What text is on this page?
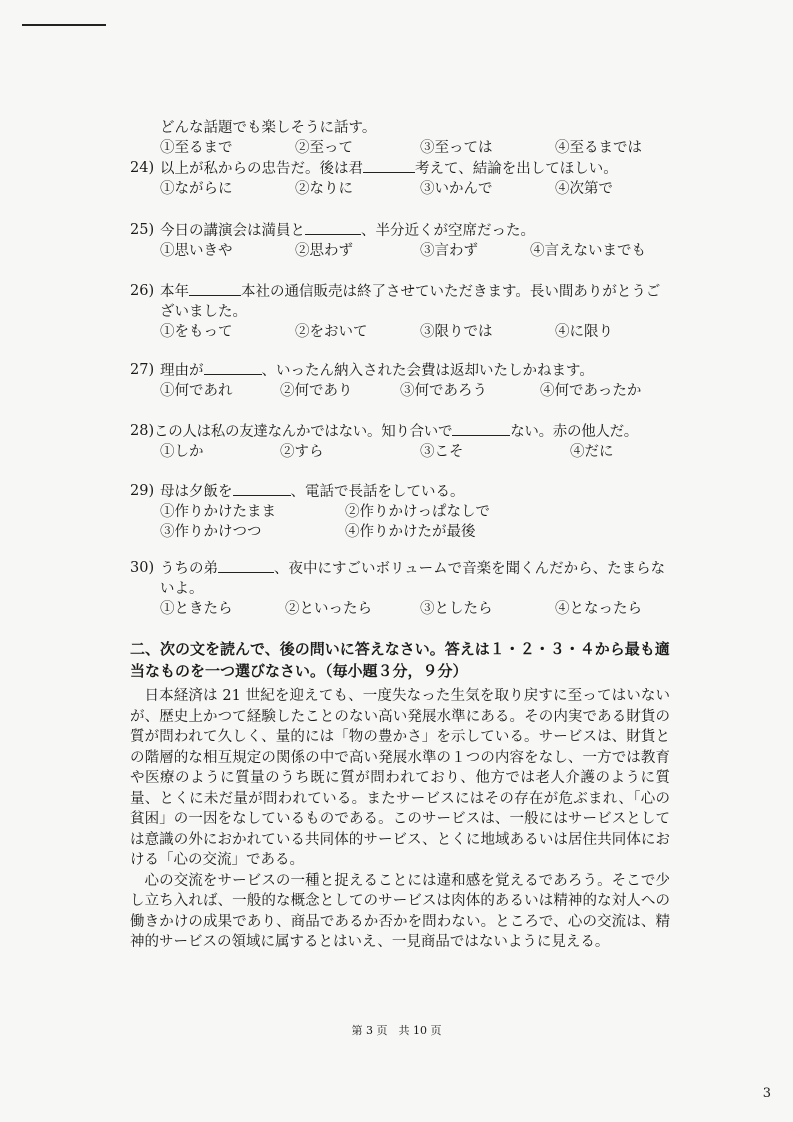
どんな話題でも楽しそうに話す。
①至るまで	②至って	③至っては	④至るまでは
24) 以上が私からの忠告だ。後は君	考えて、結論を出してほしい。
①ながらに	②なりに	③いかんで	④次第で
25) 今日の講演会は満員と	、半分近くが空席だった。
①思いきや	②思わず	③言わず	④言えないまでも
26) 本年	本社の通信販売は終了させていただきます。長い間ありがとうございました。
①をもって	②をおいて	③限りでは	④に限り
27) 理由が	、いったん納入された会費は返却いたしかねます。
①何であれ	②何であり	③何であろう	④何であったか
28) この人は私の友達なんかではない。知り合いで	ない。赤の他人だ。
①しか	②すら	③こそ	④だに
29) 母は夕飯を	、電話で長話をしている。
①作りかけたまま	②作りかけっぱなしで
③作りかけつつ	④作りかけたが最後
30) うちの弟	、夜中にすごいボリュームで音楽を聞くんだから、たまらないよ。
①ときたら	②といったら	③としたら	④となったら
二、次の文を読んで、後の問いに答えなさい。答えは１・２・３・４から最も適当なものを一つ選びなさい。（毎小題３分，９分）

日本経済は 21 世紀を迎えても、一度失なった生気を取り戻すに至ってはいないが、歴史上かつて経験したことのない高い発展水準にある。その内実である財貨の質が問われて久しく、量的には「物の豊かさ」を示している。サービスは、財貨との階層的な相互規定の関係の中で高い発展水準の１つの内容をなし、一方では教育や医療のように質量のうち既に質が問われており、他方では老人介護のように質量、とくに未だ量が問われている。またサービスにはその存在が危ぶまれ、「心の貧困」の一因をなしているものである。このサービスは、一般にはサービスとしては意識の外におかれている共同体的サービス、とくに地域あるいは居住共同体における「心の交流」である。

心の交流をサービスの一種と捉えることには違和感を覚えるであろう。そこで少し立ち入れば、一般的な概念としてのサービスは肉体的あるいは精神的な対人への働きかけの成果であり、商品であるか否かを問わない。ところで、心の交流は、精神的サービスの領域に属するとはいえ、一見商品ではないように見える。

第 3 页　共 10 页
3
